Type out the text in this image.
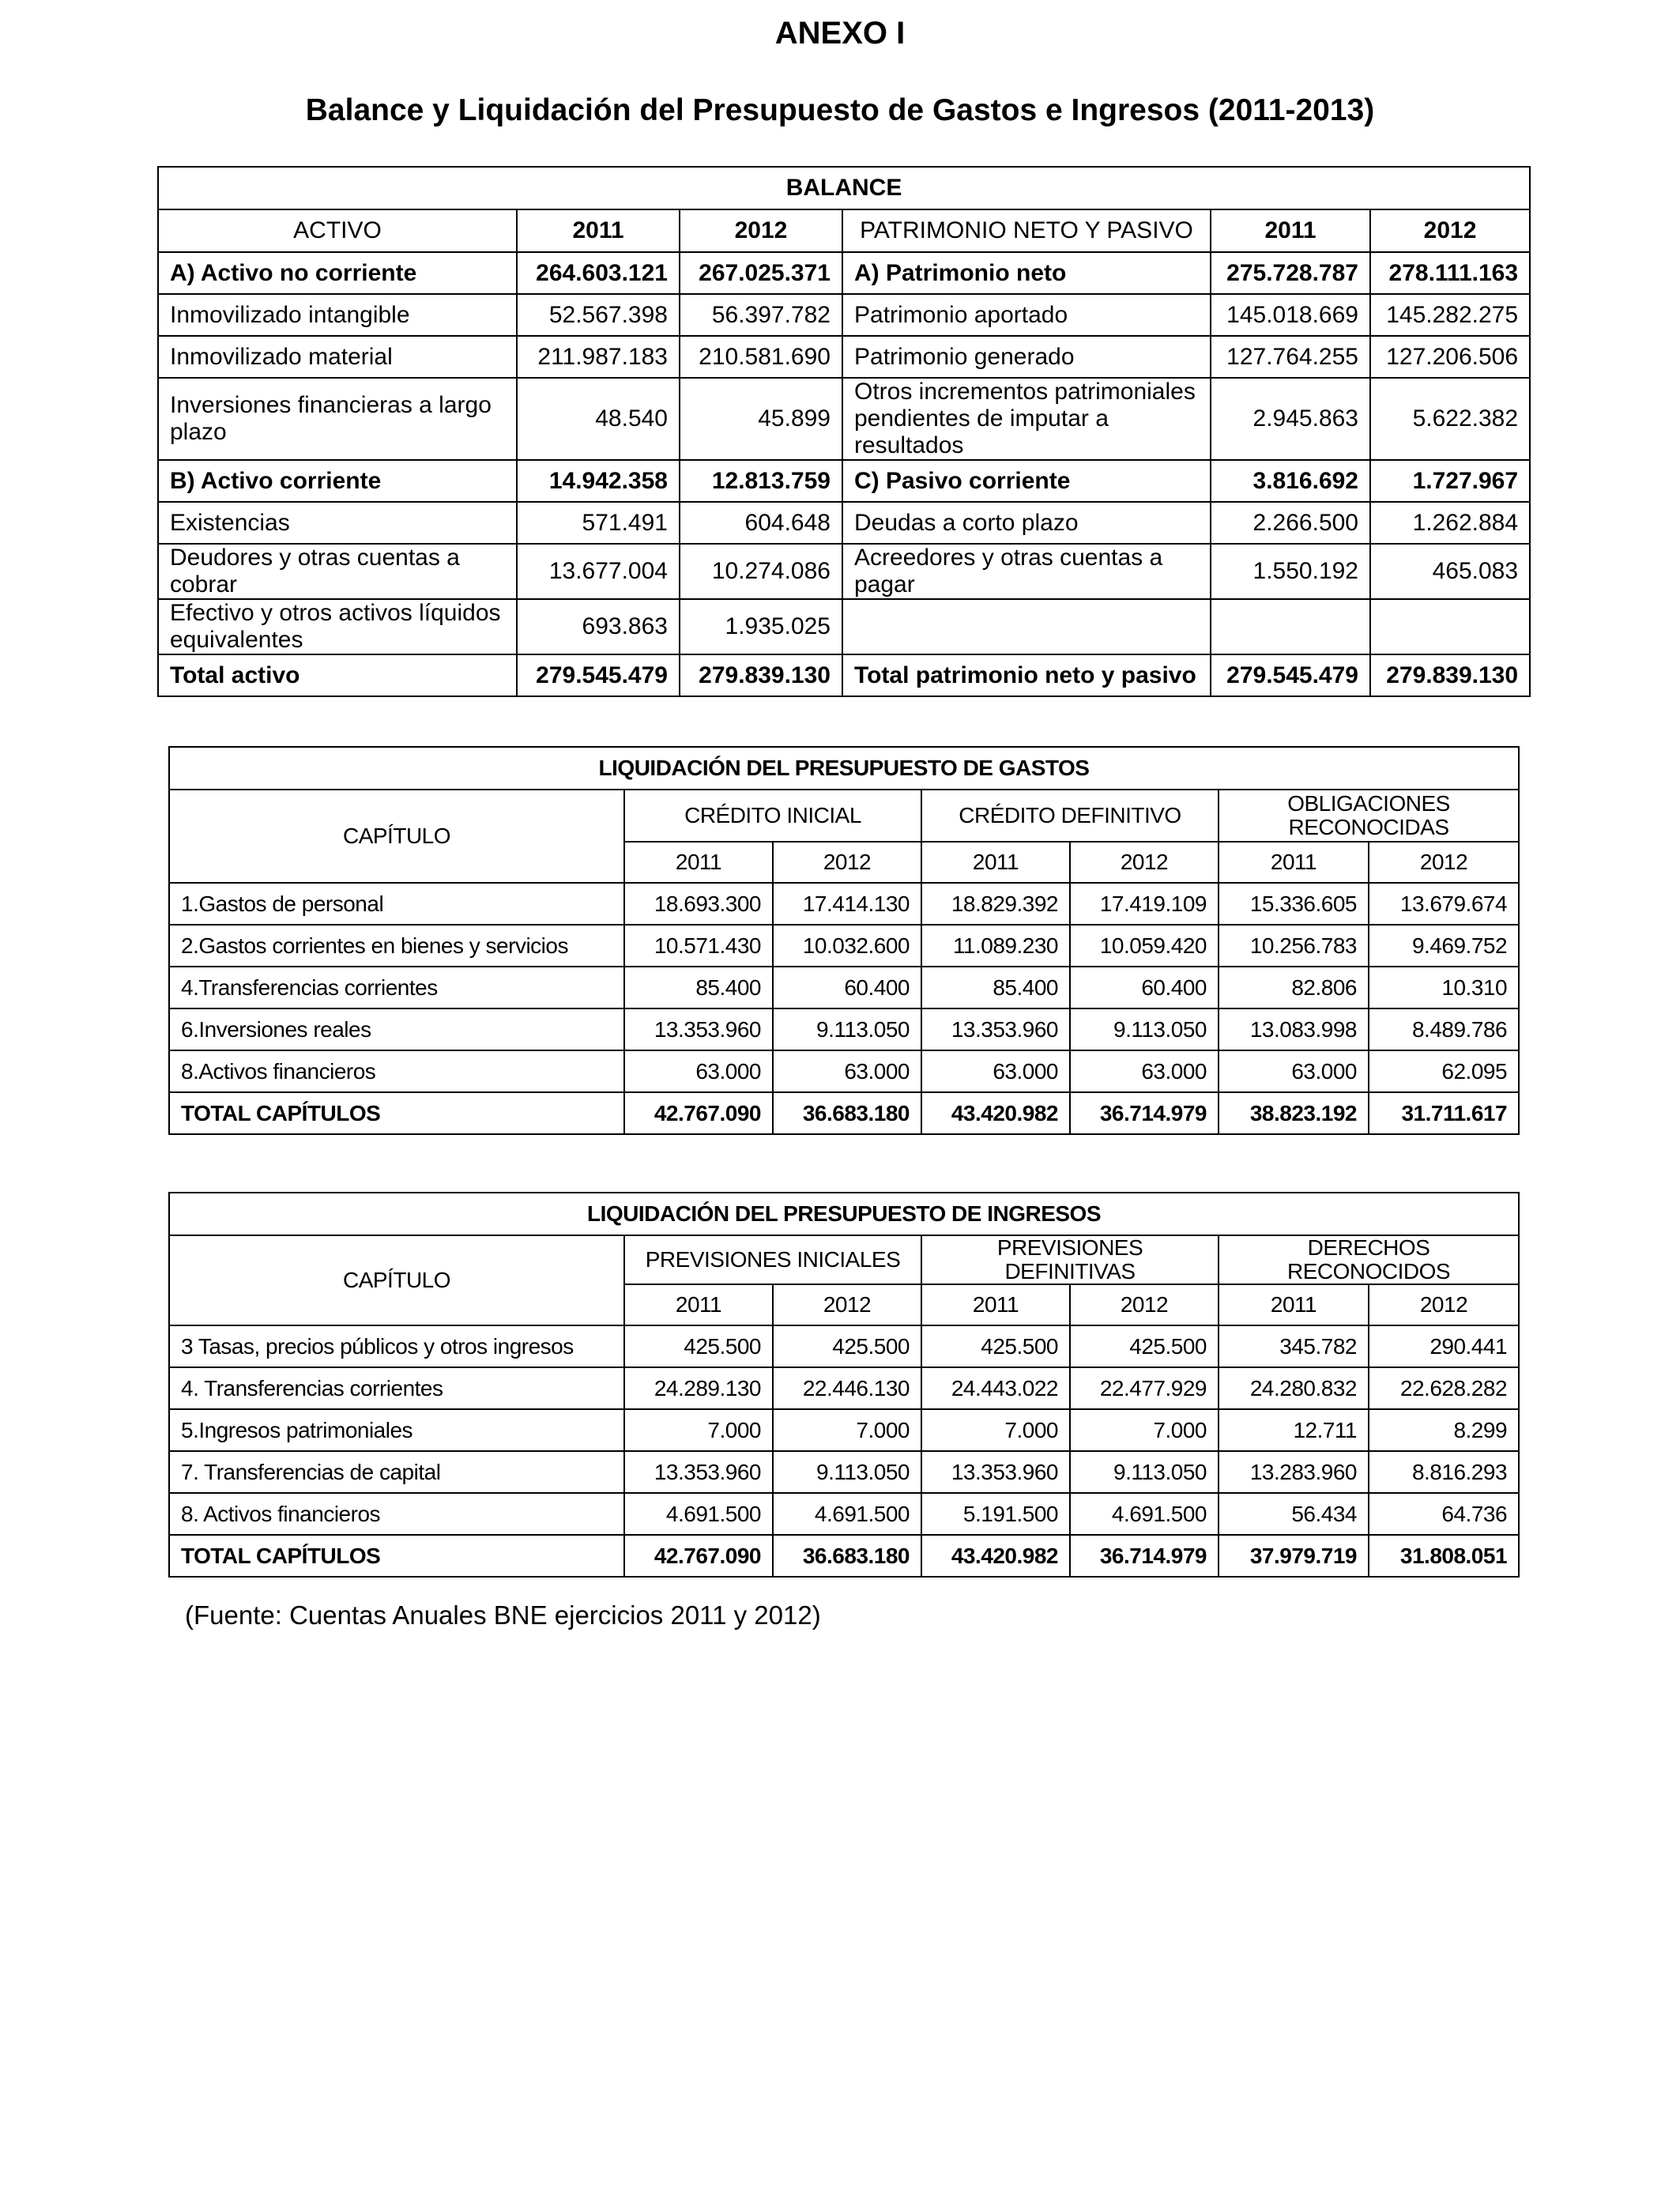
ANEXO I
Balance y Liquidación del Presupuesto de Gastos e Ingresos (2011-2013)
BALANCE					
ACTIVO	2011	2012	PATRIMONIO NETO Y PASIVO	2011	2012
A) Activo no corriente	264.603.121	267.025.371	A) Patrimonio neto	275.728.787	278.111.163
Inmovilizado intangible	52.567.398	56.397.782	Patrimonio aportado	145.018.669	145.282.275
Inmovilizado material	211.987.183	210.581.690	Patrimonio generado	127.764.255	127.206.506
Inversiones financieras a largo plazo	48.540	45.899	Otros incrementos patrimoniales pendientes de imputar a resultados	2.945.863	5.622.382
B) Activo corriente	14.942.358	12.813.759	C) Pasivo corriente	3.816.692	1.727.967
Existencias	571.491	604.648	Deudas a corto plazo	2.266.500	1.262.884
Deudores y otras cuentas a cobrar	13.677.004	10.274.086	Acreedores y otras cuentas a pagar	1.550.192	465.083
Efectivo y otros activos líquidos equivalentes	693.863	1.935.025			
Total activo	279.545.479	279.839.130	Total patrimonio neto y pasivo	279.545.479	279.839.130
LIQUIDACIÓN DEL PRESUPUESTO DE GASTOS						
CAPÍTULO	CRÉDITO INICIAL		CRÉDITO DEFINITIVO		OBLIGACIONES RECONOCIDAS	
	2011	2012	2011	2012	2011	2012
1.Gastos de personal	18.693.300	17.414.130	18.829.392	17.419.109	15.336.605	13.679.674
2.Gastos corrientes en bienes y servicios	10.571.430	10.032.600	11.089.230	10.059.420	10.256.783	9.469.752
4.Transferencias corrientes	85.400	60.400	85.400	60.400	82.806	10.310
6.Inversiones reales	13.353.960	9.113.050	13.353.960	9.113.050	13.083.998	8.489.786
8.Activos financieros	63.000	63.000	63.000	63.000	63.000	62.095
TOTAL CAPÍTULOS	42.767.090	36.683.180	43.420.982	36.714.979	38.823.192	31.711.617
LIQUIDACIÓN DEL PRESUPUESTO DE INGRESOS						
CAPÍTULO	PREVISIONES INICIALES		PREVISIONES DEFINITIVAS		DERECHOS RECONOCIDOS	
	2011	2012	2011	2012	2011	2012
3 Tasas, precios públicos y otros ingresos	425.500	425.500	425.500	425.500	345.782	290.441
4. Transferencias corrientes	24.289.130	22.446.130	24.443.022	22.477.929	24.280.832	22.628.282
5.Ingresos patrimoniales	7.000	7.000	7.000	7.000	12.711	8.299
7. Transferencias de capital	13.353.960	9.113.050	13.353.960	9.113.050	13.283.960	8.816.293
8. Activos financieros	4.691.500	4.691.500	5.191.500	4.691.500	56.434	64.736
TOTAL CAPÍTULOS	42.767.090	36.683.180	43.420.982	36.714.979	37.979.719	31.808.051
(Fuente: Cuentas Anuales BNE ejercicios 2011 y 2012)
